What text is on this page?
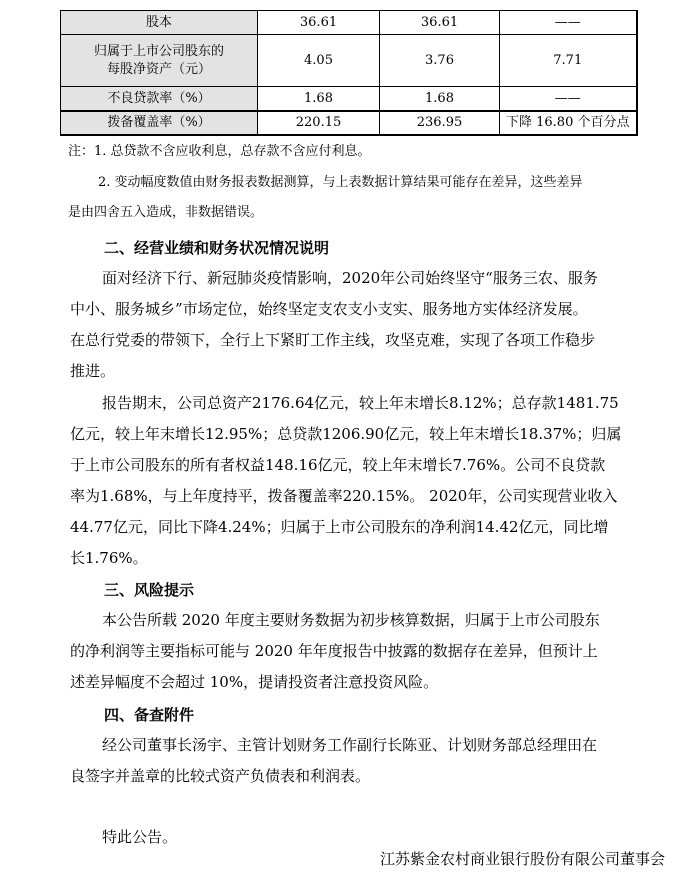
股本	36.61	36.61	——

归属于上市公司股东的
每股净资产（元）	4.05	3.76	7.71
不良贷款率（%）	1.68	1.68	——
拨备覆盖率（%）	220.15	236.95	下降 16.80 个百分点
注：1. 总贷款不含应收利息，总存款不含应付利息。
2. 变动幅度数值由财务报表数据测算，与上表数据计算结果可能存在差异，这些差异
是由四舍五入造成，非数据错误。
二、经营业绩和财务状况情况说明
面对经济下行、新冠肺炎疫情影响，2020年公司始终坚守“服务三农、服务
中小、服务城乡”市场定位，始终坚定支农支小支实、服务地方实体经济发展。
在总行党委的带领下，全行上下紧盯工作主线，攻坚克难，实现了各项工作稳步
推进。
报告期末，公司总资产2176.64亿元，较上年末增长8.12%；总存款1481.75
亿元，较上年末增长12.95%；总贷款1206.90亿元，较上年末增长18.37%；归属
于上市公司股东的所有者权益148.16亿元，较上年末增长7.76%。公司不良贷款
率为1.68%，与上年度持平，拨备覆盖率220.15%。 2020年，公司实现营业收入
44.77亿元，同比下降4.24%；归属于上市公司股东的净利润14.42亿元，同比增
长1.76%。
三、风险提示
本公告所载 2020 年度主要财务数据为初步核算数据，归属于上市公司股东
的净利润等主要指标可能与 2020 年年度报告中披露的数据存在差异，但预计上
述差异幅度不会超过 10%，提请投资者注意投资风险。
四、备查附件
经公司董事长汤宇、主管计划财务工作副行长陈亚、计划财务部总经理田在
良签字并盖章的比较式资产负债表和利润表。
特此公告。
江苏紫金农村商业银行股份有限公司董事会
